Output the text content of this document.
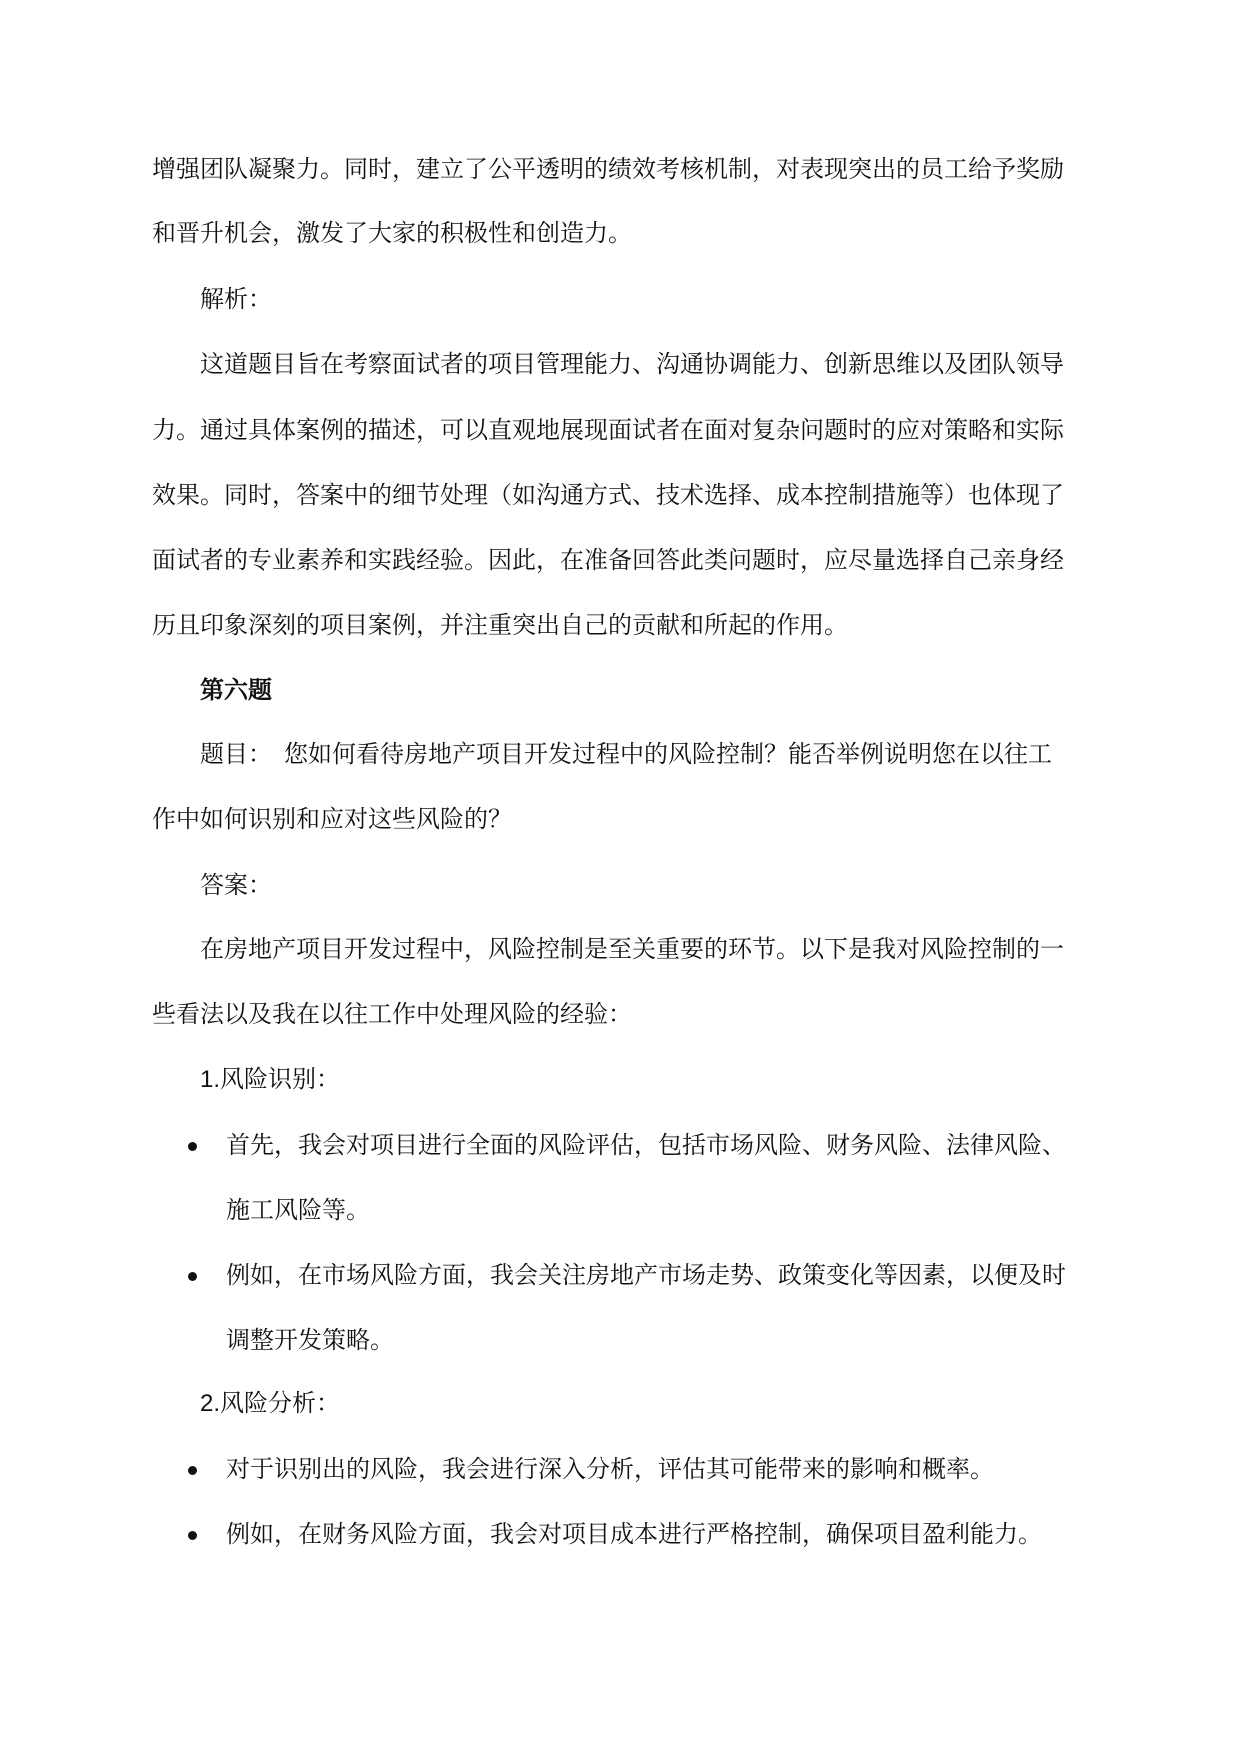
增强团队凝聚力。同时，建立了公平透明的绩效考核机制，对表现突出的员工给予奖励
和晋升机会，激发了大家的积极性和创造力。
解析：
这道题目旨在考察面试者的项目管理能力、沟通协调能力、创新思维以及团队领导
力。通过具体案例的描述，可以直观地展现面试者在面对复杂问题时的应对策略和实际
效果。同时，答案中的细节处理（如沟通方式、技术选择、成本控制措施等）也体现了
面试者的专业素养和实践经验。因此，在准备回答此类问题时，应尽量选择自己亲身经
历且印象深刻的项目案例，并注重突出自己的贡献和所起的作用。
第六题
题目：　您如何看待房地产项目开发过程中的风险控制？能否举例说明您在以往工
作中如何识别和应对这些风险的？
答案：
在房地产项目开发过程中，风险控制是至关重要的环节。以下是我对风险控制的一
些看法以及我在以往工作中处理风险的经验：
1.风险识别：
首先，我会对项目进行全面的风险评估，包括市场风险、财务风险、法律风险、
施工风险等。
例如，在市场风险方面，我会关注房地产市场走势、政策变化等因素，以便及时
调整开发策略。
2.风险分析：
对于识别出的风险，我会进行深入分析，评估其可能带来的影响和概率。
例如，在财务风险方面，我会对项目成本进行严格控制，确保项目盈利能力。
